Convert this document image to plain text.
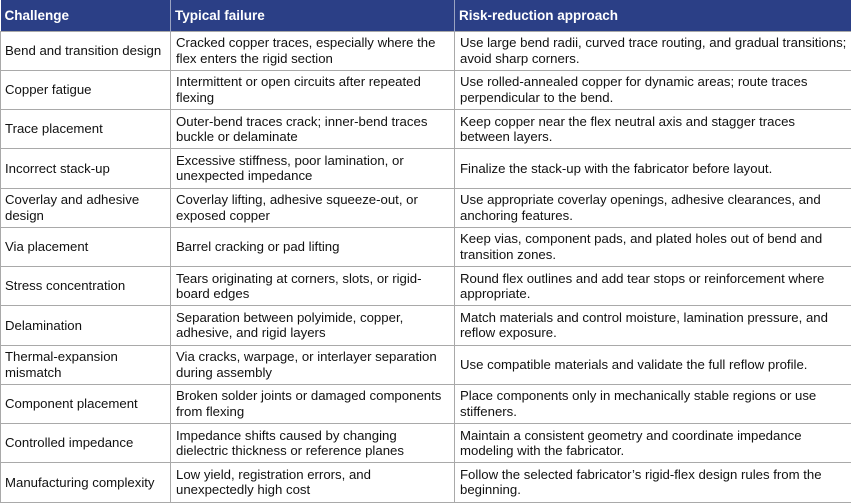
Challenge	Typical failure	Risk-reduction approach
Bend and transition design	Cracked copper traces, especially where the flex enters the rigid section	Use large bend radii, curved trace routing, and gradual transitions; avoid sharp corners.
Copper fatigue	Intermittent or open circuits after repeated flexing	Use rolled-annealed copper for dynamic areas; route traces perpendicular to the bend.
Trace placement	Outer-bend traces crack; inner-bend traces buckle or delaminate	Keep copper near the flex neutral axis and stagger traces between layers.
Incorrect stack-up	Excessive stiffness, poor lamination, or unexpected impedance	Finalize the stack-up with the fabricator before layout.
Coverlay and adhesive design	Coverlay lifting, adhesive squeeze-out, or exposed copper	Use appropriate coverlay openings, adhesive clearances, and anchoring features.
Via placement	Barrel cracking or pad lifting	Keep vias, component pads, and plated holes out of bend and transition zones.
Stress concentration	Tears originating at corners, slots, or rigid-board edges	Round flex outlines and add tear stops or reinforcement where appropriate.
Delamination	Separation between polyimide, copper, adhesive, and rigid layers	Match materials and control moisture, lamination pressure, and reflow exposure.
Thermal-expansion mismatch	Via cracks, warpage, or interlayer separation during assembly	Use compatible materials and validate the full reflow profile.
Component placement	Broken solder joints or damaged components from flexing	Place components only in mechanically stable regions or use stiffeners.
Controlled impedance	Impedance shifts caused by changing dielectric thickness or reference planes	Maintain a consistent geometry and coordinate impedance modeling with the fabricator.
Manufacturing complexity	Low yield, registration errors, and unexpectedly high cost	Follow the selected fabricator’s rigid-flex design rules from the beginning.
